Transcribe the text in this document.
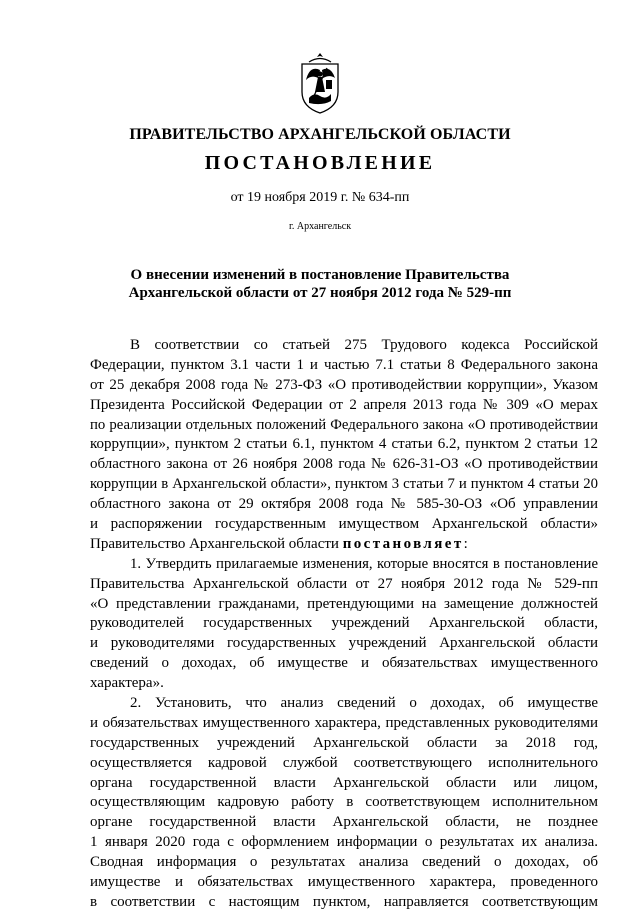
ПРАВИТЕЛЬСТВО АРХАНГЕЛЬСКОЙ ОБЛАСТИ
ПОСТАНОВЛЕНИЕ
от 19 ноября 2019 г. № 634-пп
г. Архангельск
О внесении изменений в постановление Правительства
Архангельской области от 27 ноября 2012 года № 529-пп
В соответствии со статьей 275 Трудового кодекса Российской
Федерации, пунктом 3.1 части 1 и частью 7.1 статьи 8 Федерального закона
от 25 декабря 2008 года № 273-ФЗ «О противодействии коррупции», Указом
Президента Российской Федерации от 2 апреля 2013 года № 309 «О мерах
по реализации отдельных положений Федерального закона «О противодействии
коррупции», пунктом 2 статьи 6.1, пунктом 4 статьи 6.2, пунктом 2 статьи 12
областного закона от 26 ноября 2008 года № 626-31-ОЗ «О противодействии
коррупции в Архангельской области», пунктом 3 статьи 7 и пунктом 4 статьи 20
областного закона от 29 октября 2008 года № 585-30-ОЗ «Об управлении
и распоряжении государственным имуществом Архангельской области»
Правительство Архангельской области постановляет:
1. Утвердить прилагаемые изменения, которые вносятся в постановление
Правительства Архангельской области от 27 ноября 2012 года № 529-пп
«О представлении гражданами, претендующими на замещение должностей
руководителей государственных учреждений Архангельской области,
и руководителями государственных учреждений Архангельской области
сведений о доходах, об имуществе и обязательствах имущественного
характера».
2. Установить, что анализ сведений о доходах, об имуществе
и обязательствах имущественного характера, представленных руководителями
государственных учреждений Архангельской области за 2018 год,
осуществляется кадровой службой соответствующего исполнительного
органа государственной власти Архангельской области или лицом,
осуществляющим кадровую работу в соответствующем исполнительном
органе государственной власти Архангельской области, не позднее
1 января 2020 года с оформлением информации о результатах их анализа.
Сводная информация о результатах анализа сведений о доходах, об
имуществе и обязательствах имущественного характера, проведенного
в соответствии с настоящим пунктом, направляется соответствующим
